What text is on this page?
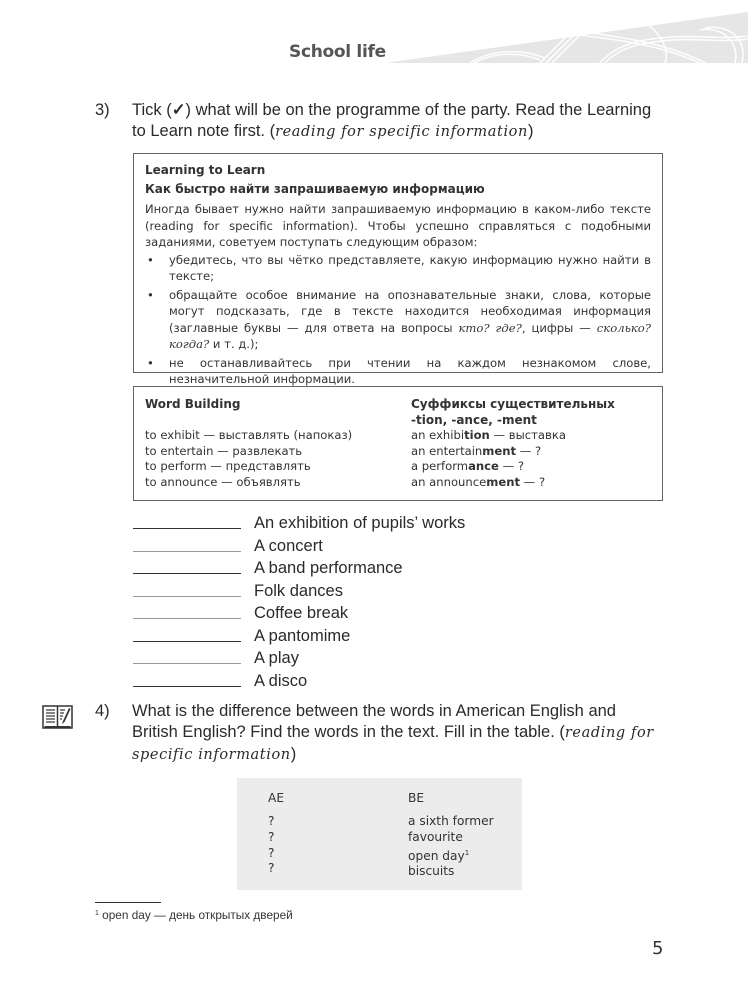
School life
3) Tick (✓) what will be on the programme of the party. Read the Learning to Learn note first. (reading for specific information)
Learning to Learn
Как быстро найти запрашиваемую информацию
Иногда бывает нужно найти запрашиваемую информацию в каком-либо тексте (reading for specific information). Чтобы успешно справляться с подобными заданиями, советуем поступать следующим образом:
• убедитесь, что вы чётко представляете, какую информацию нужно найти в тексте;
• обращайте особое внимание на опознавательные знаки, слова, которые могут подсказать, где в тексте находится необходимая информация (заглавные буквы — для ответа на вопросы кто? где?, цифры — сколько? когда? и т. д.);
• не останавливайтесь при чтении на каждом незнакомом слове, незначительной информации.
Word Building
to exhibit — выставлять (напоказ)
to entertain — развлекать
to perform — представлять
to announce — объявлять
Суффиксы существительных
-tion, -ance, -ment
an exhibition — выставка
an entertainment — ?
a performance — ?
an announcement — ?
An exhibition of pupils’ works
A concert
A band performance
Folk dances
Coffee break
A pantomime
A play
A disco
4) What is the difference between the words in American English and British English? Find the words in the text. Fill in the table. (reading for specific information)
AE
?
?
?
?
BE
a sixth former
favourite
open day$^1$
biscuits
$^1$ open day — день открытых дверей
5
